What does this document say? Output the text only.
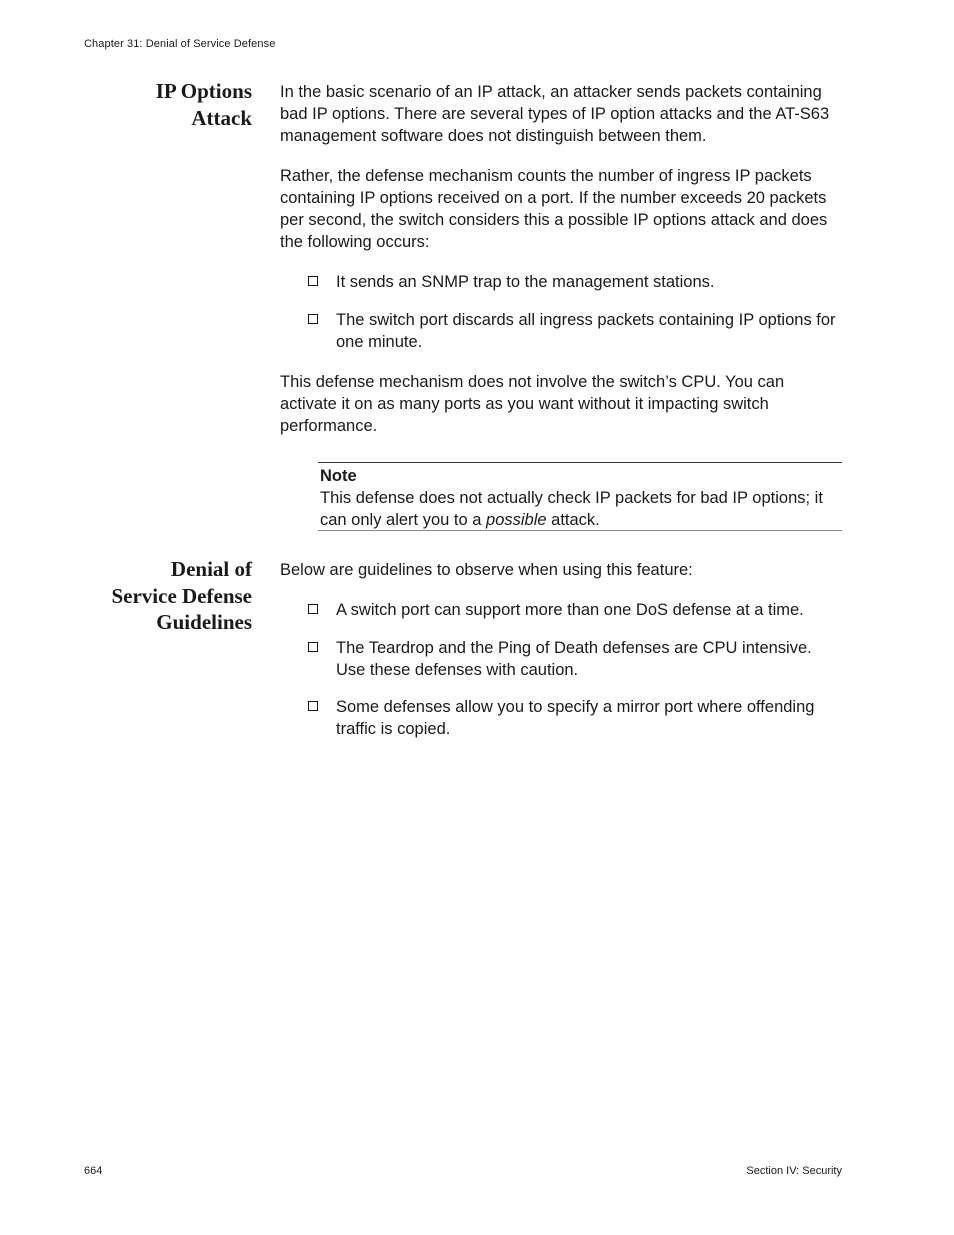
Chapter 31: Denial of Service Defense
IP Options
Attack

In the basic scenario of an IP attack, an attacker sends packets containing bad IP options. There are several types of IP option attacks and the AT-S63 management software does not distinguish between them.

Rather, the defense mechanism counts the number of ingress IP packets containing IP options received on a port. If the number exceeds 20 packets per second, the switch considers this a possible IP options attack and does the following occurs:

It sends an SNMP trap to the management stations.
The switch port discards all ingress packets containing IP options for one minute.

This defense mechanism does not involve the switch’s CPU. You can activate it on as many ports as you want without it impacting switch performance.

Note
This defense does not actually check IP packets for bad IP options; it can only alert you to a possible attack.
Denial of
Service Defense
Guidelines

Below are guidelines to observe when using this feature:

A switch port can support more than one DoS defense at a time.
The Teardrop and the Ping of Death defenses are CPU intensive. Use these defenses with caution.
Some defenses allow you to specify a mirror port where offending traffic is copied.
664	Section IV: Security
